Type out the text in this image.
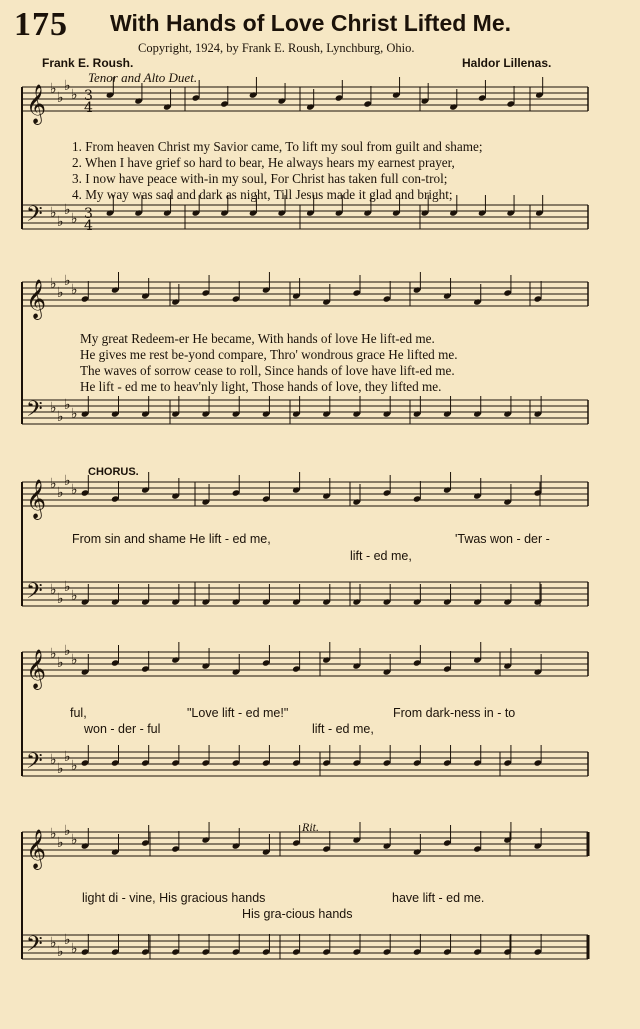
175 With Hands of Love Christ Lifted Me.
Copyright, 1924, by Frank E. Roush, Lynchburg, Ohio.
Frank E. Roush.	Haldor Lillenas.
Tenor and Alto Duet.
𝄞 ♭
♭
♭
♭
𝄢 ♭
♭
♭
♭
3
4
3
4
𝄞 ♭
♭
♭
♭
𝄢 ♭
♭
♭
♭
𝄞 ♭
♭
♭
♭
𝄢 ♭
♭
♭
♭
𝄞 ♭
♭
♭
♭
𝄢 ♭
♭
♭
♭
𝄞 ♭
♭
♭
♭
𝄢 ♭
♭
♭
♭
1. From heaven Christ my Savior came, To lift my soul from guilt and shame;
2. When I have grief so hard to bear, He always hears my earnest prayer,
3. I now have peace with-in my soul, For Christ has taken full con-trol;
4. My way was sad and dark as night, Till Jesus made it glad and bright;
My great Redeem-er He became, With hands of love He lift-ed me.
He gives me rest be-yond compare, Thro' wondrous grace He lifted me.
The waves of sorrow cease to roll, Since hands of love have lift-ed me.
He lift - ed me to heav'nly light, Those hands of love, they lifted me.
CHORUS.
From sin and shame He lift - ed me,	'Twas won - der -
lift - ed me,
ful,	"Love lift - ed me!"	From dark-ness in - to
won - der - ful	lift - ed me,
light di - vine, His gracious hands	have lift - ed me.
His gra-cious hands
Rit.
